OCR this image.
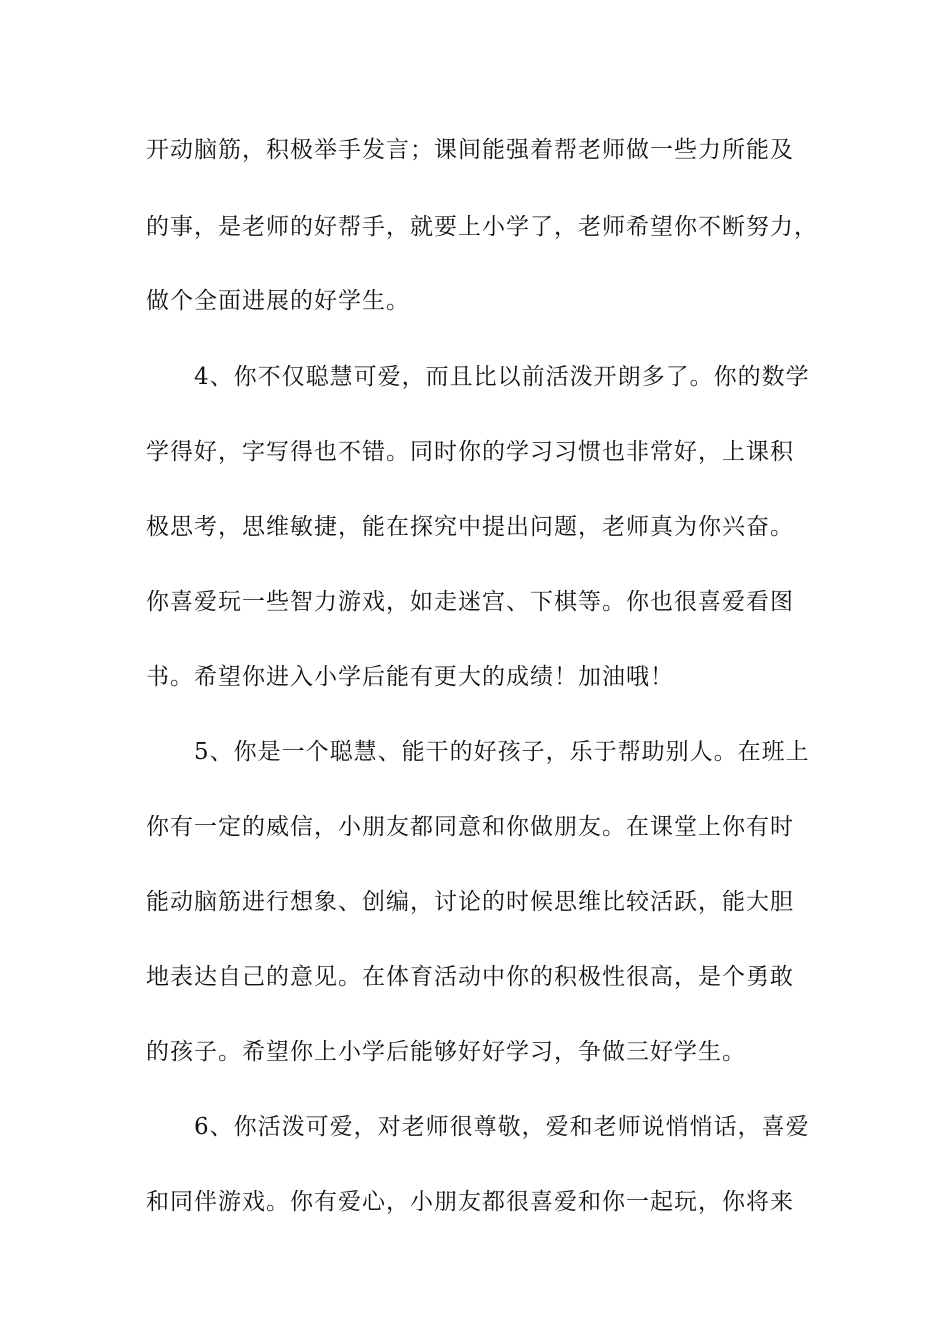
开动脑筋，积极举手发言；课间能强着帮老师做一些力所能及
的事，是老师的好帮手，就要上小学了，老师希望你不断努力，
做个全面进展的好学生。
4、你不仅聪慧可爱，而且比以前活泼开朗多了。你的数学
学得好，字写得也不错。同时你的学习习惯也非常好，上课积
极思考，思维敏捷，能在探究中提出问题，老师真为你兴奋。
你喜爱玩一些智力游戏，如走迷宫、下棋等。你也很喜爱看图
书。希望你进入小学后能有更大的成绩！加油哦！
5、你是一个聪慧、能干的好孩子，乐于帮助别人。在班上
你有一定的威信，小朋友都同意和你做朋友。在课堂上你有时
能动脑筋进行想象、创编，讨论的时候思维比较活跃，能大胆
地表达自己的意见。在体育活动中你的积极性很高，是个勇敢
的孩子。希望你上小学后能够好好学习，争做三好学生。
6、你活泼可爱，对老师很尊敬，爱和老师说悄悄话，喜爱
和同伴游戏。你有爱心，小朋友都很喜爱和你一起玩，你将来
